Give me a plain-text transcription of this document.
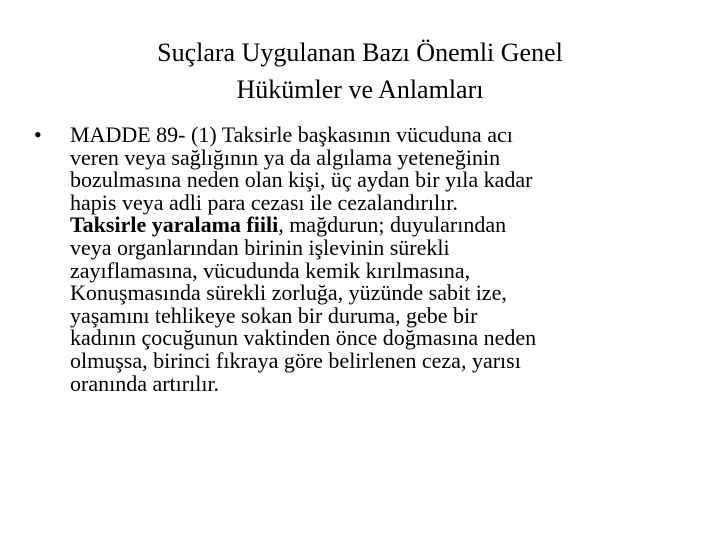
Suçlara Uygulanan Bazı Önemli Genel
Hükümler ve Anlamları
•	MADDE 89- (1) Taksirle başkasının vücuduna acı
veren veya sağlığının ya da algılama yeteneğinin
bozulmasına neden olan kişi, üç aydan bir yıla kadar
hapis veya adli para cezası ile cezalandırılır.
Taksirle yaralama fiili, mağdurun; duyularından
veya organlarından birinin işlevinin sürekli
zayıflamasına, vücudunda kemik kırılmasına,
Konuşmasında sürekli zorluğa, yüzünde sabit ize,
yaşamını tehlikeye sokan bir duruma, gebe bir
kadının çocuğunun vaktinden önce doğmasına neden
olmuşsa, birinci fıkraya göre belirlenen ceza, yarısı
oranında artırılır.
